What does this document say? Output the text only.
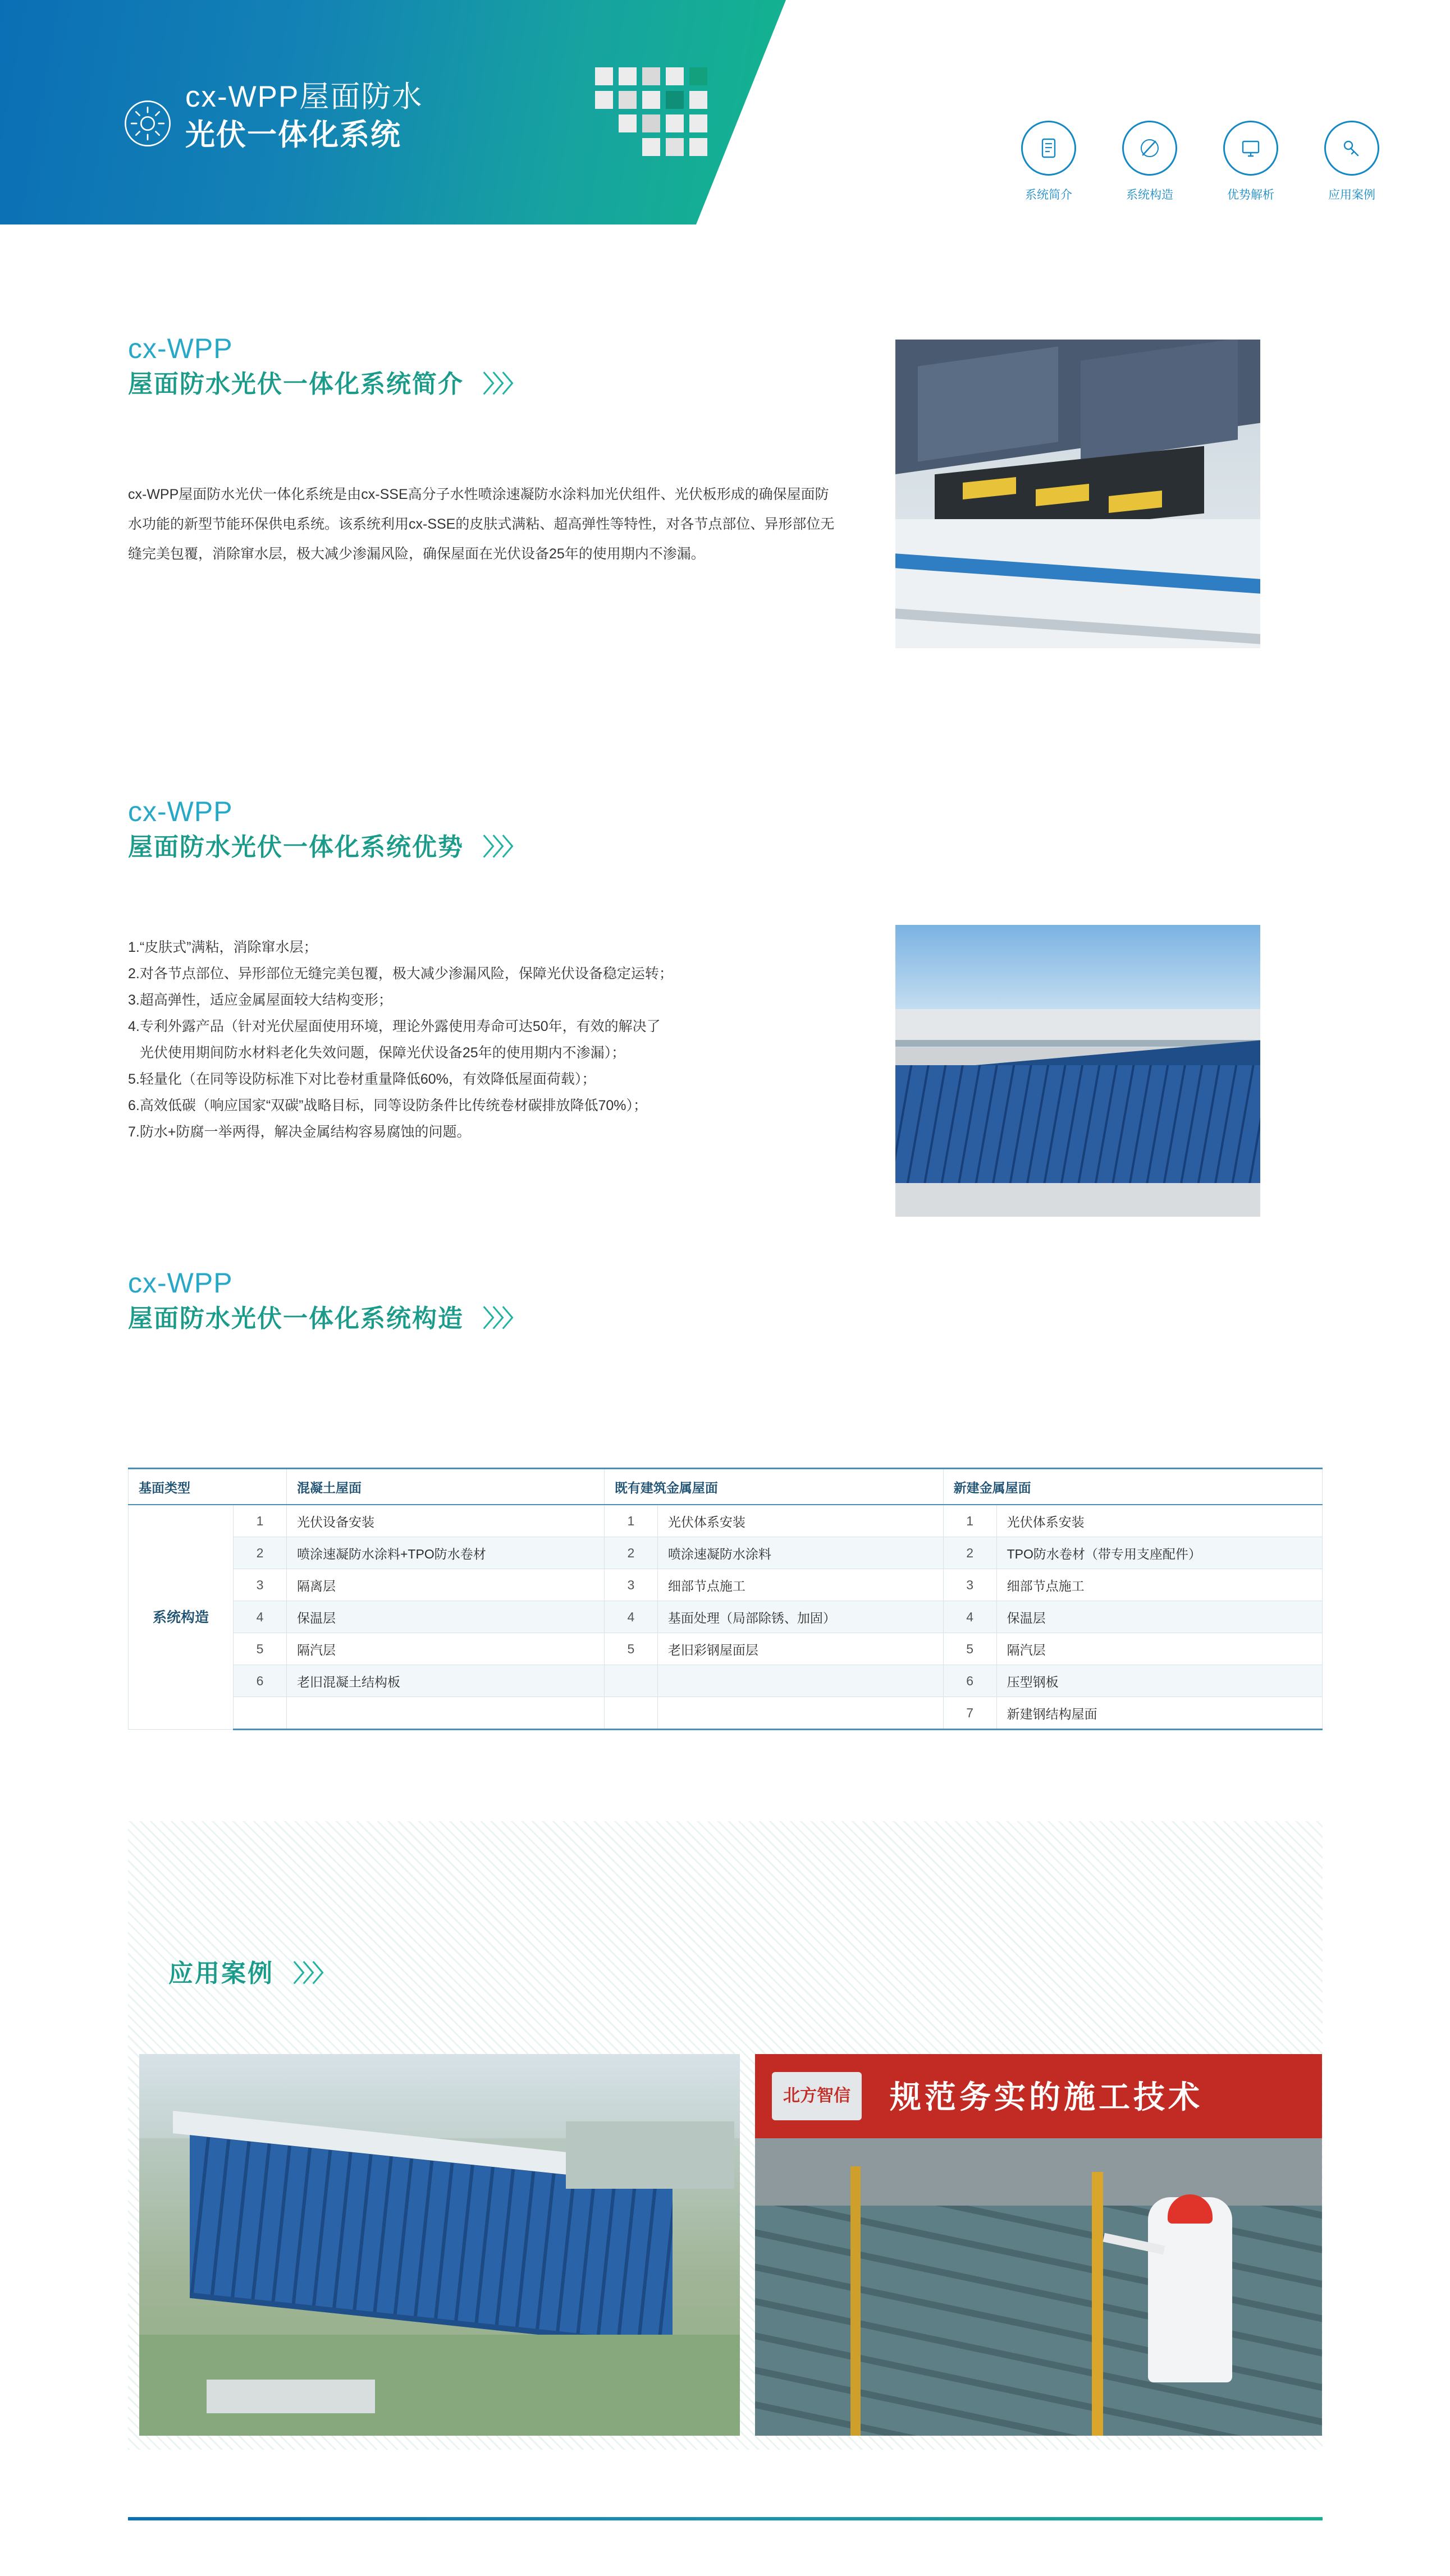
cx-WPP屋面防水
光伏一体化系统
系统简介	系统构造	优势解析	应用案例
cx-WPP
屋面防水光伏一体化系统简介 〉〉〉
cx-WPP屋面防水光伏一体化系统是由cx-SSE高分子水性喷涂速凝防水涂料加光伏组件、光伏板形成的确保屋面防水功能的新型节能环保供电系统。该系统利用cx-SSE的皮肤式满粘、超高弹性等特性，对各节点部位、异形部位无缝完美包覆，消除窜水层，极大减少渗漏风险，确保屋面在光伏设备25年的使用期内不渗漏。
cx-WPP
屋面防水光伏一体化系统优势 〉〉〉
1.“皮肤式”满粘，消除窜水层；
2.对各节点部位、异形部位无缝完美包覆，极大减少渗漏风险，保障光伏设备稳定运转；
3.超高弹性，适应金属屋面较大结构变形；
4.专利外露产品（针对光伏屋面使用环境，理论外露使用寿命可达50年，有效的解决了
光伏使用期间防水材料老化失效问题，保障光伏设备25年的使用期内不渗漏）；
5.轻量化（在同等设防标准下对比卷材重量降低60%，有效降低屋面荷载）；
6.高效低碳（响应国家“双碳”战略目标，同等设防条件比传统卷材碳排放降低70%）；
7.防水+防腐一举两得，解决金属结构容易腐蚀的问题。
cx-WPP
屋面防水光伏一体化系统构造 〉〉〉
基面类型		混凝土屋面	既有建筑金属屋面		新建金属屋面	
系统构造	1	光伏设备安装	1	光伏体系安装	1	光伏体系安装
	2	喷涂速凝防水涂料+TPO防水卷材	2	喷涂速凝防水涂料	2	TPO防水卷材（带专用支座配件）
	3	隔离层	3	细部节点施工	3	细部节点施工
	4	保温层	4	基面处理（局部除锈、加固）	4	保温层
	5	隔汽层	5	老旧彩钢屋面层	5	隔汽层
	6	老旧混凝土结构板			6	压型钢板
					7	新建钢结构屋面
应用案例 〉〉〉
北方智信 规范务实的施工技术
